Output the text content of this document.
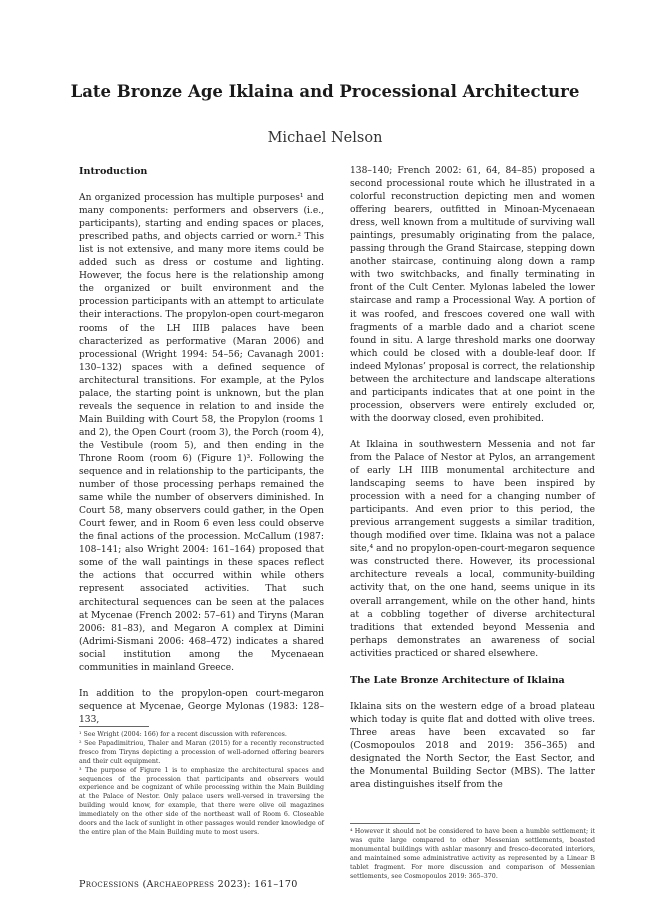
Late Bronze Age Iklaina and Processional Architecture
Michael Nelson
Introduction

An organized procession has multiple purposes¹ and many components: performers and observers (i.e., participants), starting and ending spaces or places, prescribed paths, and objects carried or worn.² This list is not extensive, and many more items could be added such as dress or costume and lighting. However, the focus here is the relationship among the organized or built environment and the procession participants with an attempt to articulate their interactions. The propylon-open court-megaron rooms of the LH IIIB palaces have been characterized as performative (Maran 2006) and processional (Wright 1994: 54–56; Cavanagh 2001: 130–132) spaces with a defined sequence of architectural transitions. For example, at the Pylos palace, the starting point is unknown, but the plan reveals the sequence in relation to and inside the Main Building with Court 58, the Propylon (rooms 1 and 2), the Open Court (room 3), the Porch (room 4), the Vestibule (room 5), and then ending in the Throne Room (room 6) (Figure 1)³. Following the sequence and in relationship to the participants, the number of those processing perhaps remained the same while the number of observers diminished. In Court 58, many observers could gather, in the Open Court fewer, and in Room 6 even less could observe the final actions of the procession. McCallum (1987: 108–141; also Wright 2004: 161–164) proposed that some of the wall paintings in these spaces reflect the actions that occurred within while others represent associated activities. That such architectural sequences can be seen at the palaces at Mycenae (French 2002: 57–61) and Tiryns (Maran 2006: 81–83), and Megaron A complex at Dimini (Adrimi-Sismani 2006: 468–472) indicates a shared social institution among the Mycenaean communities in mainland Greece.

In addition to the propylon-open court-megaron sequence at Mycenae, George Mylonas (1983: 128–133,

¹ See Wright (2004: 166) for a recent discussion with references.

² See Papadimitriou, Thaler and Maran (2015) for a recently reconstructed fresco from Tiryns depicting a procession of well-adorned offering bearers and their cult equipment.

³ The purpose of Figure 1 is to emphasize the architectural spaces and sequences of the procession that participants and observers would experience and be cognizant of while processing within the Main Building at the Palace of Nestor. Only palace users well-versed in traversing the building would know, for example, that there were olive oil magazines immediately on the other side of the northeast wall of Room 6. Closeable doors and the lack of sunlight in other passages would render knowledge of the entire plan of the Main Building mute to most users.

138–140; French 2002: 61, 64, 84–85) proposed a second processional route which he illustrated in a colorful reconstruction depicting men and women offering bearers, outfitted in Minoan-Mycenaean dress, well known from a multitude of surviving wall paintings, presumably originating from the palace, passing through the Grand Staircase, stepping down another staircase, continuing along down a ramp with two switchbacks, and finally terminating in front of the Cult Center. Mylonas labeled the lower staircase and ramp a Processional Way. A portion of it was roofed, and frescoes covered one wall with fragments of a marble dado and a chariot scene found in situ. A large threshold marks one doorway which could be closed with a double-leaf door. If indeed Mylonas’ proposal is correct, the relationship between the architecture and landscape alterations and participants indicates that at one point in the procession, observers were entirely excluded or, with the doorway closed, even prohibited.

At Iklaina in southwestern Messenia and not far from the Palace of Nestor at Pylos, an arrangement of early LH IIIB monumental architecture and landscaping seems to have been inspired by procession with a need for a changing number of participants. And even prior to this period, the previous arrangement suggests a similar tradition, though modified over time. Iklaina was not a palace site,⁴ and no propylon-open-court-megaron sequence was constructed there. However, its processional architecture reveals a local, community-building activity that, on the one hand, seems unique in its overall arrangement, while on the other hand, hints at a cobbling together of diverse architectural traditions that extended beyond Messenia and perhaps demonstrates an awareness of social activities practiced or shared elsewhere.

The Late Bronze Architecture of Iklaina

Iklaina sits on the western edge of a broad plateau which today is quite flat and dotted with olive trees. Three areas have been excavated so far (Cosmopoulos 2018 and 2019: 356–365) and designated the North Sector, the East Sector, and the Monumental Building Sector (MBS). The latter area distinguishes itself from the

⁴ However it should not be considered to have been a humble settlement; it was quite large compared to other Messenian settlements, boasted monumental buildings with ashlar masonry and fresco-decorated interiors, and maintained some administrative activity as represented by a Linear B tablet fragment. For more discussion and comparison of Messenian settlements, see Cosmopoulos 2019: 365–370.

Processions (Archaeopress 2023): 161–170
